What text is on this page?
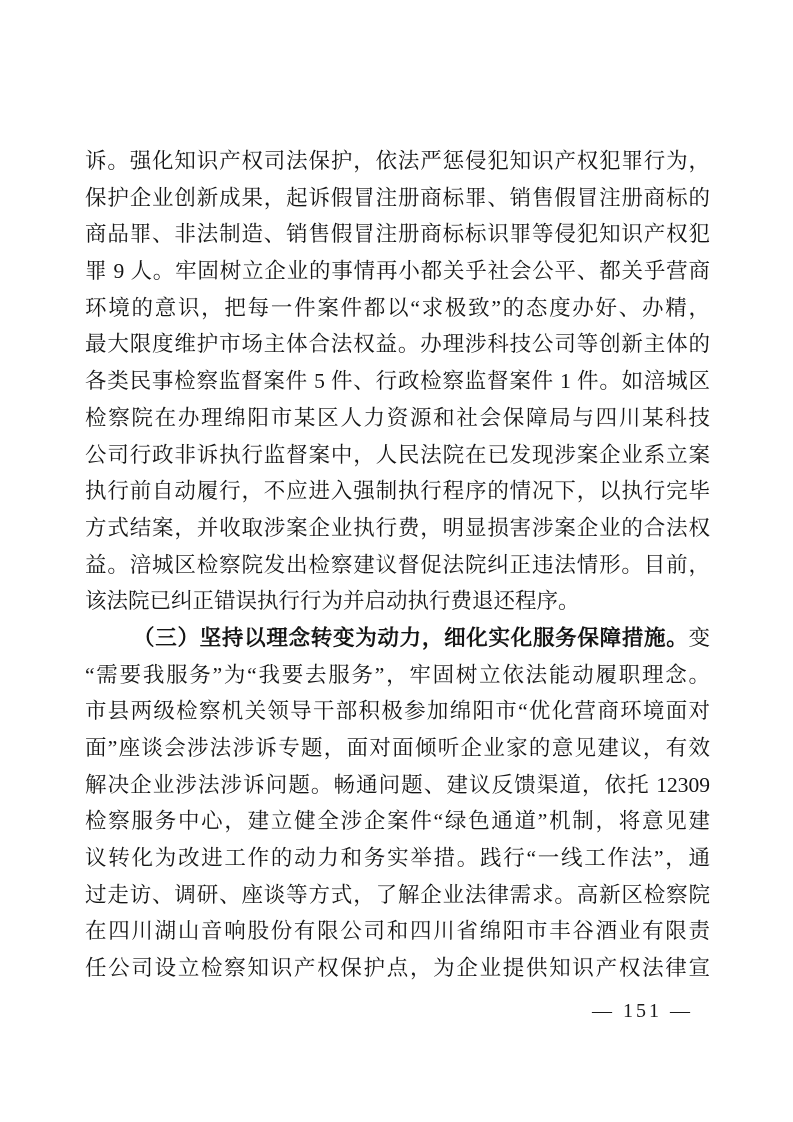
诉。强化知识产权司法保护，依法严惩侵犯知识产权犯罪行为，
保护企业创新成果，起诉假冒注册商标罪、销售假冒注册商标的
商品罪、非法制造、销售假冒注册商标标识罪等侵犯知识产权犯
罪 9 人。牢固树立企业的事情再小都关乎社会公平、都关乎营商
环境的意识，把每一件案件都以“求极致”的态度办好、办精，
最大限度维护市场主体合法权益。办理涉科技公司等创新主体的
各类民事检察监督案件 5 件、行政检察监督案件 1 件。如涪城区
检察院在办理绵阳市某区人力资源和社会保障局与四川某科技
公司行政非诉执行监督案中，人民法院在已发现涉案企业系立案
执行前自动履行，不应进入强制执行程序的情况下，以执行完毕
方式结案，并收取涉案企业执行费，明显损害涉案企业的合法权
益。涪城区检察院发出检察建议督促法院纠正违法情形。目前，
该法院已纠正错误执行行为并启动执行费退还程序。
（三）坚持以理念转变为动力，细化实化服务保障措施。变
“需要我服务”为“我要去服务”，牢固树立依法能动履职理念。
市县两级检察机关领导干部积极参加绵阳市“优化营商环境面对
面”座谈会涉法涉诉专题，面对面倾听企业家的意见建议，有效
解决企业涉法涉诉问题。畅通问题、建议反馈渠道，依托 12309
检察服务中心，建立健全涉企案件“绿色通道”机制，将意见建
议转化为改进工作的动力和务实举措。践行“一线工作法”，通
过走访、调研、座谈等方式，了解企业法律需求。高新区检察院
在四川湖山音响股份有限公司和四川省绵阳市丰谷酒业有限责
任公司设立检察知识产权保护点，为企业提供知识产权法律宣
— 151 —
